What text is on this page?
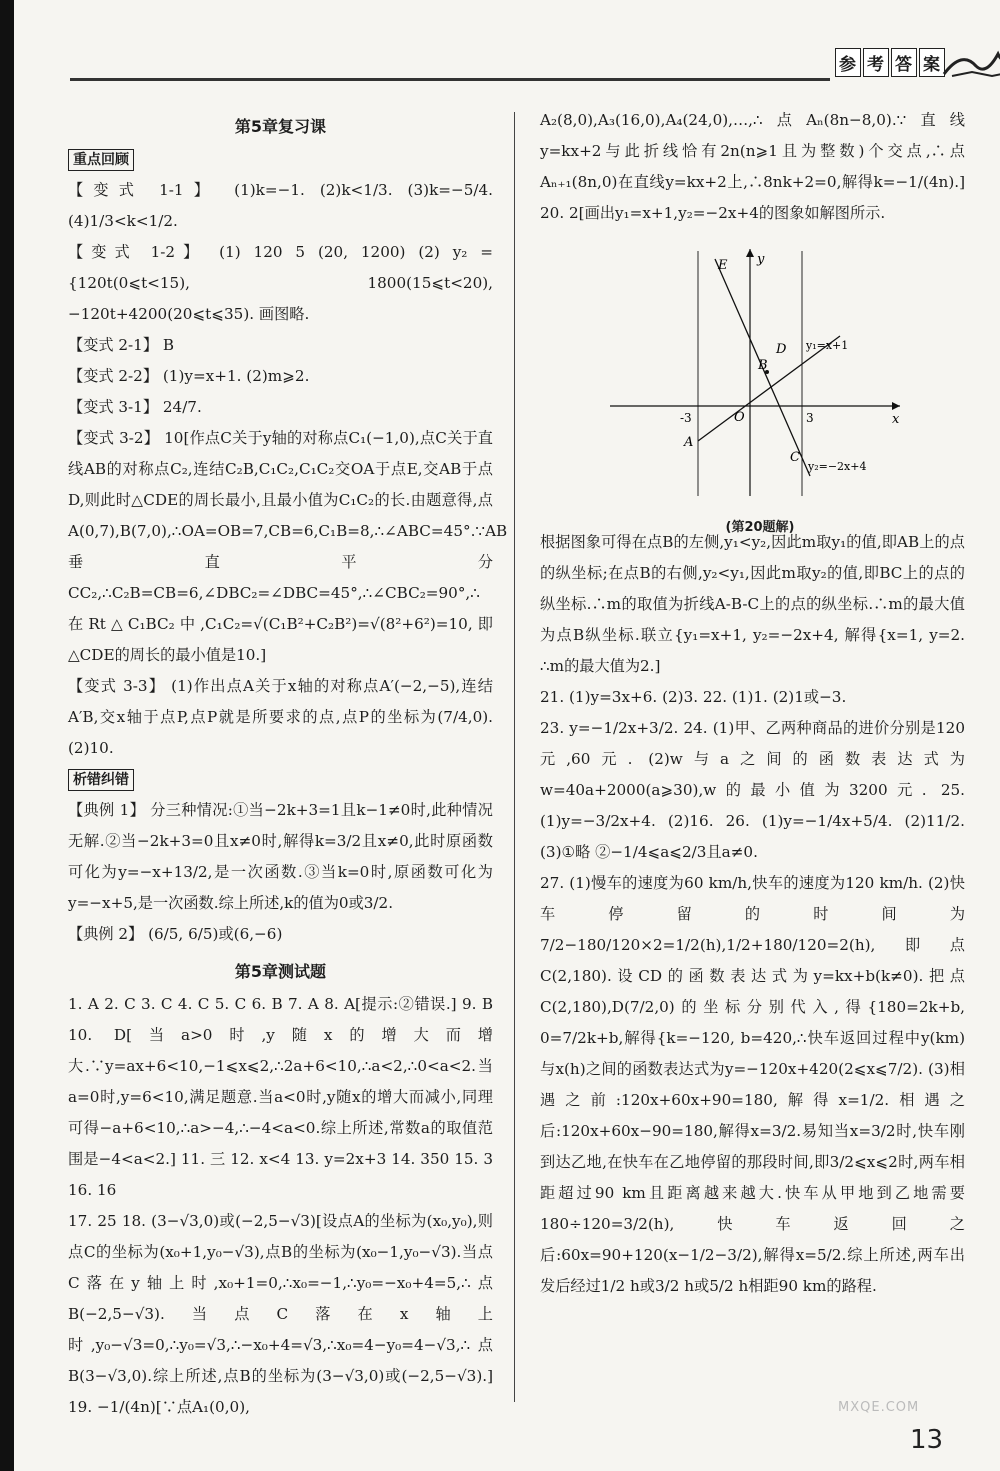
参 考 答 案
第5章复习课
重点回顾

【变式 1-1】 (1)k=−1. (2)k<1/3. (3)k=−5/4. (4)1/3<k<1/2.

【变式 1-2】 (1) 120 5 (20, 1200) (2) y₂ = {120t(0⩽t<15), 1800(15⩽t<20), −120t+4200(20⩽t⩽35). 画图略.

【变式 2-1】 B

【变式 2-2】 (1)y=x+1. (2)m⩾2.

【变式 3-1】 24/7.

【变式 3-2】 10[作点C关于y轴的对称点C₁(−1,0),点C关于直线AB的对称点C₂,连结C₂B,C₁C₂,C₁C₂交OA于点E,交AB于点D,则此时△CDE的周长最小,且最小值为C₁C₂的长.由题意得,点A(0,7),B(7,0),∴OA=OB=7,CB=6,C₁B=8,∴∠ABC=45°.∵AB垂直平分CC₂,∴C₂B=CB=6,∠DBC₂=∠DBC=45°,∴∠CBC₂=90°,∴在Rt△C₁BC₂中,C₁C₂=√(C₁B²+C₂B²)=√(8²+6²)=10,即△CDE的周长的最小值是10.]

【变式 3-3】 (1)作出点A关于x轴的对称点A′(−2,−5),连结A′B,交x轴于点P,点P就是所要求的点,点P的坐标为(7/4,0). (2)10.

析错纠错

【典例 1】 分三种情况:①当−2k+3=1且k−1≠0时,此种情况无解.②当−2k+3=0且x≠0时,解得k=3/2且x≠0,此时原函数可化为y=−x+13/2,是一次函数.③当k=0时,原函数可化为y=−x+5,是一次函数.综上所述,k的值为0或3/2.

【典例 2】 (6/5, 6/5)或(6,−6)

第5章测试题

1. A 2. C 3. C 4. C 5. C 6. B 7. A 8. A[提示:②错误.] 9. B 10. D[当a>0时,y随x的增大而增大.∵y=ax+6<10,−1⩽x⩽2,∴2a+6<10,∴a<2,∴0<a<2.当a=0时,y=6<10,满足题意.当a<0时,y随x的增大而减小,同理可得−a+6<10,∴a>−4,∴−4<a<0.综上所述,常数a的取值范围是−4<a<2.] 11. 三 12. x<4 13. y=2x+3 14. 350 15. 3 16. 16

17. 25 18. (3−√3,0)或(−2,5−√3)[设点A的坐标为(x₀,y₀),则点C的坐标为(x₀+1,y₀−√3),点B的坐标为(x₀−1,y₀−√3).当点C落在y轴上时,x₀+1=0,∴x₀=−1,∴y₀=−x₀+4=5,∴点B(−2,5−√3).当点C落在x轴上时,y₀−√3=0,∴y₀=√3,∴−x₀+4=√3,∴x₀=4−y₀=4−√3,∴点B(3−√3,0).综上所述,点B的坐标为(3−√3,0)或(−2,5−√3).] 19. −1/(4n)[∵点A₁(0,0),

A₂(8,0),A₃(16,0),A₄(24,0),…,∴点Aₙ(8n−8,0).∵直线y=kx+2与此折线恰有2n(n⩾1且为整数)个交点,∴点Aₙ₊₁(8n,0)在直线y=kx+2上,∴8nk+2=0,解得k=−1/(4n).] 20. 2[画出y₁=x+1,y₂=−2x+4的图象如解图所示.

E y
D y₁=x+1
B
x
-3	O	3
A
C
y₂=−2x+4
(第20题解)

根据图象可得在点B的左侧,y₁<y₂,因此m取y₁的值,即AB上的点的纵坐标;在点B的右侧,y₂<y₁,因此m取y₂的值,即BC上的点的纵坐标.∴m的取值为折线A-B-C上的点的纵坐标.∴m的最大值为点B纵坐标.联立{y₁=x+1, y₂=−2x+4, 解得{x=1, y=2. ∴m的最大值为2.]

21. (1)y=3x+6. (2)3. 22. (1)1. (2)1或−3.

23. y=−1/2x+3/2. 24. (1)甲、乙两种商品的进价分别是120元,60元. (2)w与a之间的函数表达式为w=40a+2000(a⩾30),w的最小值为3200元. 25. (1)y=−3/2x+4. (2)16. 26. (1)y=−1/4x+5/4. (2)11/2. (3)①略 ②−1/4⩽a⩽2/3且a≠0.

27. (1)慢车的速度为60 km/h,快车的速度为120 km/h. (2)快车停留的时间为7/2−180/120×2=1/2(h),1/2+180/120=2(h),即点C(2,180).设CD的函数表达式为y=kx+b(k≠0).把点C(2,180),D(7/2,0)的坐标分别代入,得{180=2k+b, 0=7/2k+b,解得{k=−120, b=420,∴快车返回过程中y(km)与x(h)之间的函数表达式为y=−120x+420(2⩽x⩽7/2). (3)相遇之前:120x+60x+90=180,解得x=1/2.相遇之后:120x+60x−90=180,解得x=3/2.易知当x=3/2时,快车刚到达乙地,在快车在乙地停留的那段时间,即3/2⩽x⩽2时,两车相距超过90 km且距离越来越大.快车从甲地到乙地需要180÷120=3/2(h),快车返回之后:60x=90+120(x−1/2−3/2),解得x=5/2.综上所述,两车出发后经过1/2 h或3/2 h或5/2 h相距90 km的路程.

MXQE.COM
13
